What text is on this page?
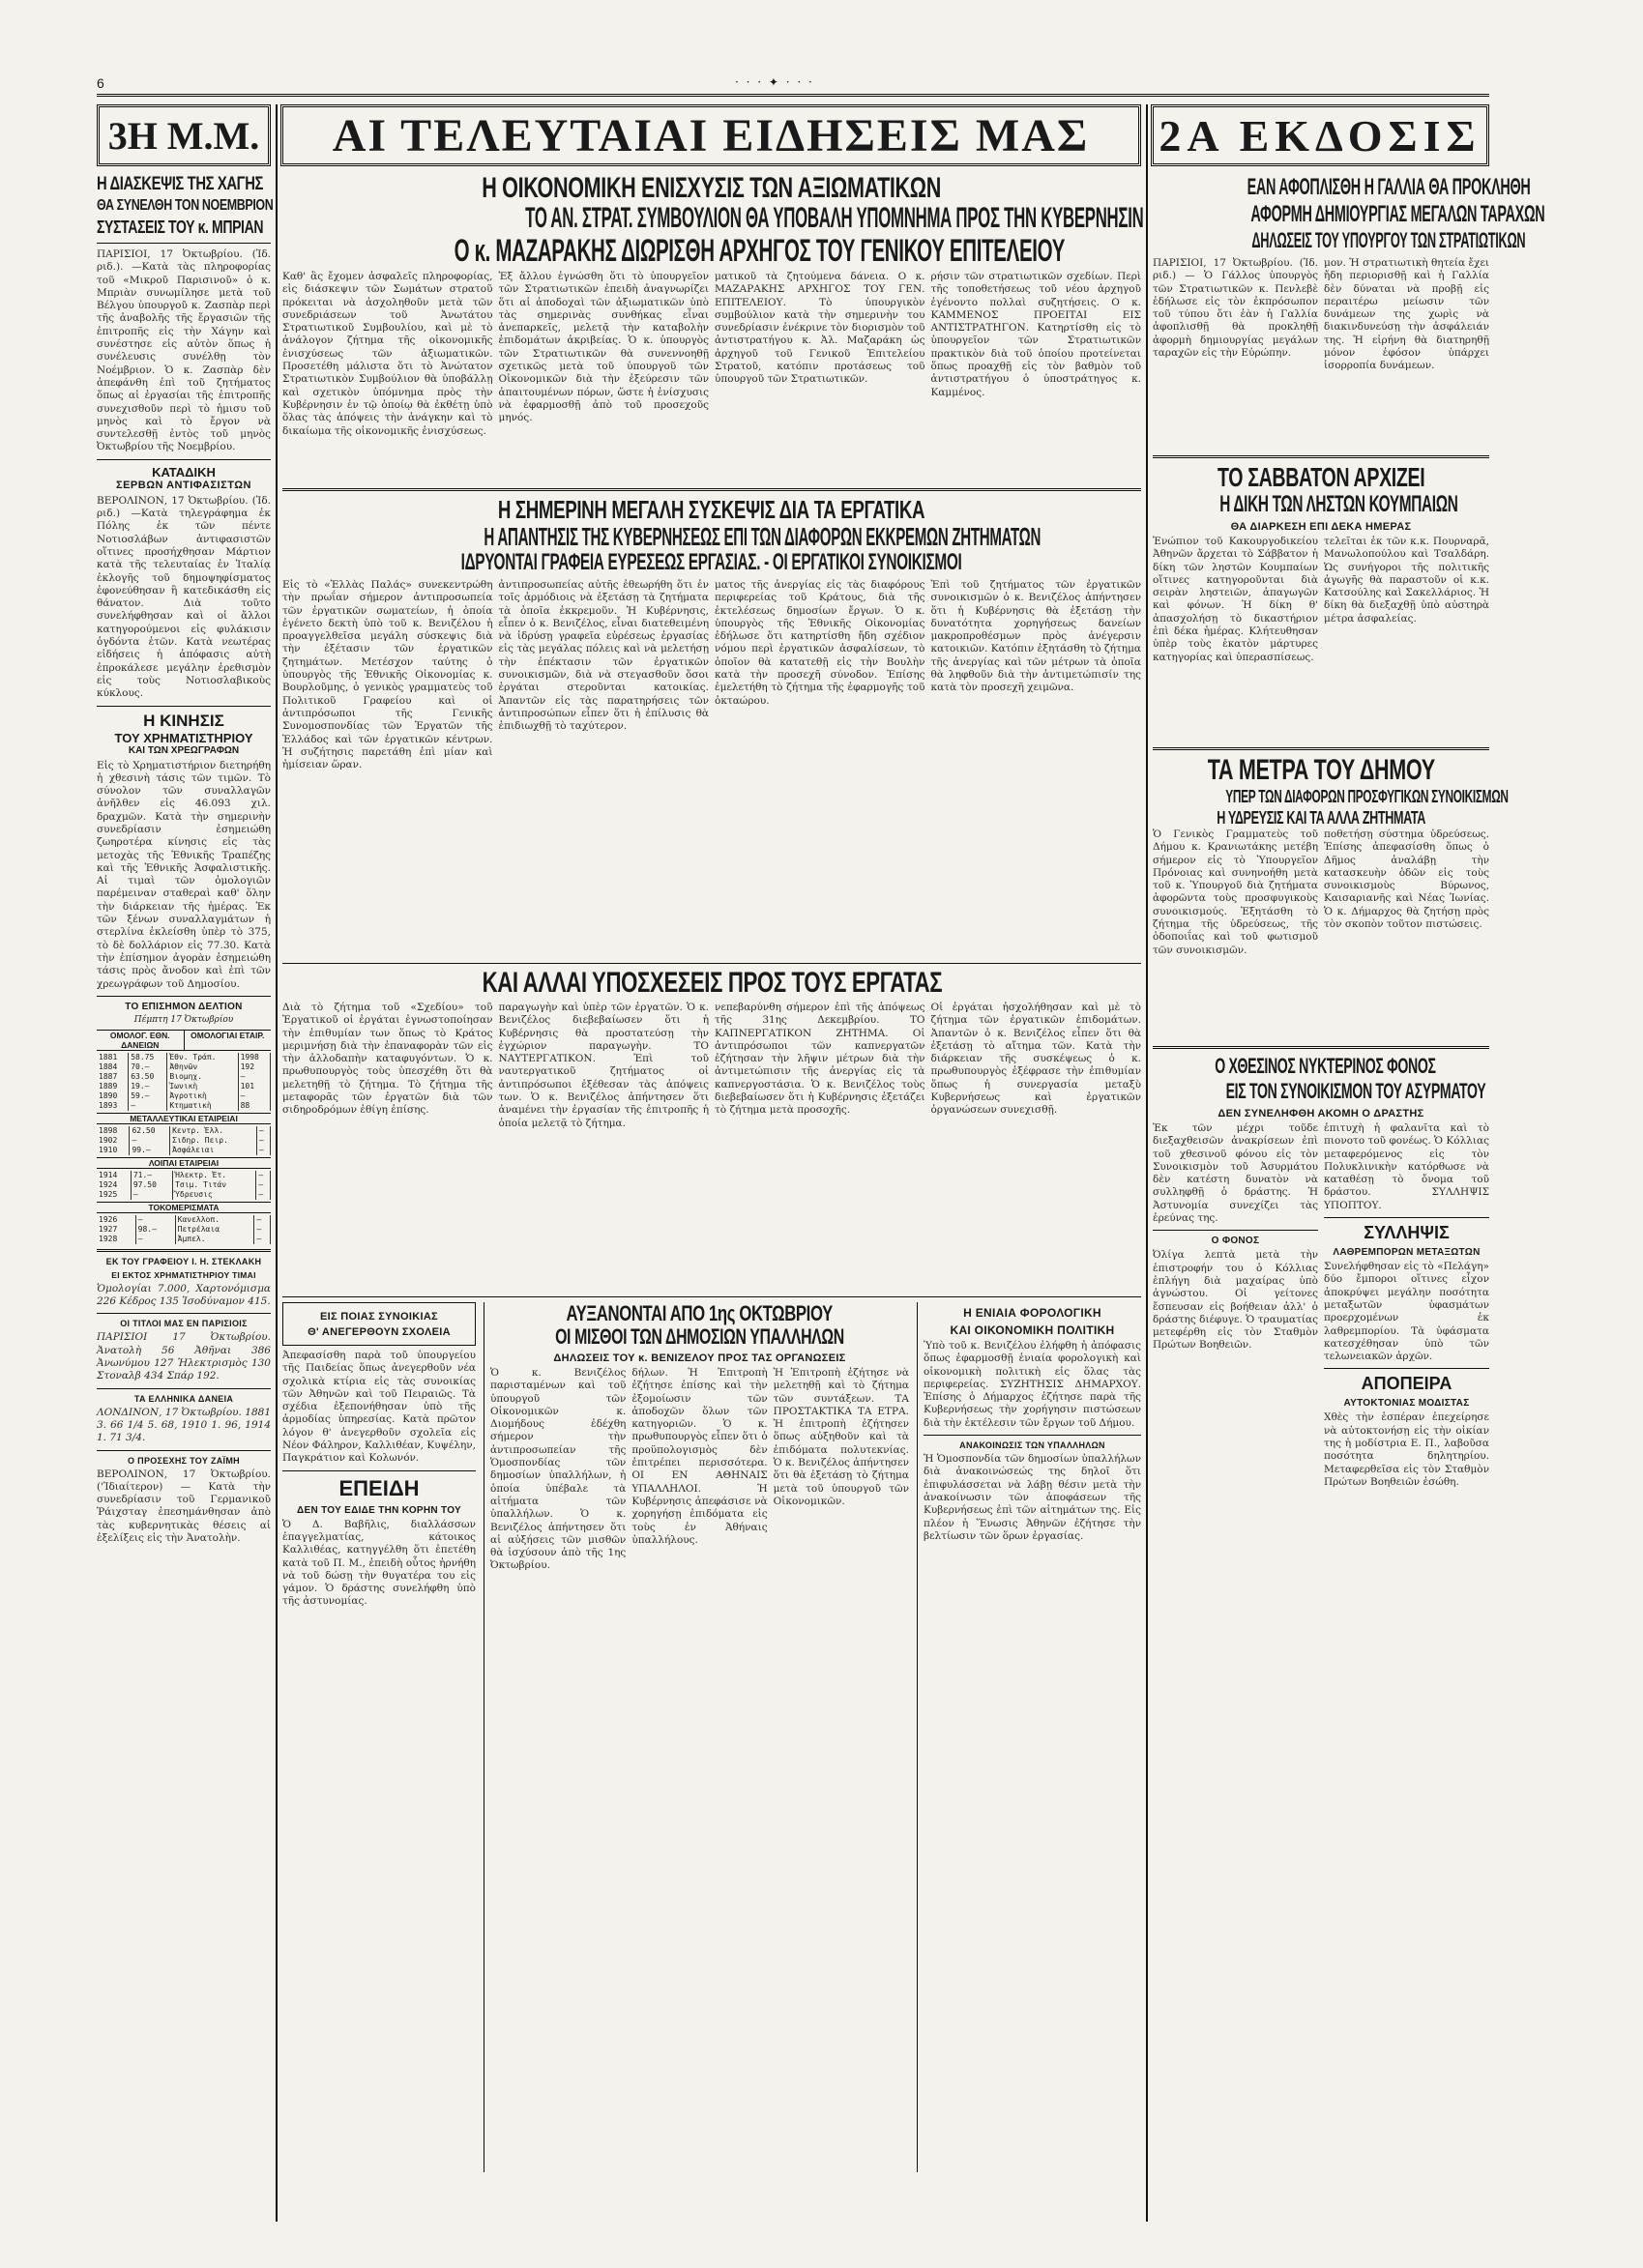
6	· · · ✦ · · ·
3Η Μ.Μ. ΑΙ ΤΕΛΕΥΤΑΙΑΙ ΕΙΔΗΣΕΙΣ ΜΑΣ 2Α ΕΚΔΟΣΙΣ
Η ΔΙΑΣΚΕΨΙΣ ΤΗΣ ΧΑΓΗΣ
ΘΑ ΣΥΝΕΛΘΗ ΤΟΝ ΝΟΕΜΒΡΙΟΝ
ΣΥΣΤΑΣΕΙΣ ΤΟΥ κ. ΜΠΡΙΑΝ

ΠΑΡΙΣΙΟΙ, 17 Ὀκτωβρίου. (Ἰδ. ριδ.). —Κατὰ τὰς πληροφορίας τοῦ «Μικροῦ Παρισινοῦ» ὁ κ. Μπριὰν συνωμίλησε μετὰ τοῦ Βέλγου ὑπουργοῦ κ. Ζασπὰρ περὶ τῆς ἀναβολῆς τῆς ἔργασιῶν τῆς ἐπιτροπῆς εἰς τὴν Χάγην καὶ συνέστησε εἰς αὐτὸν ὅπως ἡ συνέλευσις συνέλθῃ τὸν Νοέμβριον. Ὁ κ. Ζασπὰρ δὲν ἀπεφάνθη ἐπὶ τοῦ ζητήματος ὅπως αἱ ἐργασίαι τῆς ἐπιτροπῆς συνεχισθοῦν περὶ τὸ ἡμισυ τοῦ μηνὸς καὶ τὸ ἔργον νὰ συντελεσθῇ ἐντὸς τοῦ μηνὸς Ὀκτωβρίου τῆς Νοεμβρίου.

ΚΑΤΑΔΙΚΗ
ΣΕΡΒΩΝ ΑΝΤΙΦΑΣΙΣΤΩΝ

ΒΕΡΟΛΙΝΟΝ, 17 Ὀκτωβρίου. (Ἰδ. ριδ.) —Κατὰ τηλεγράφημα ἐκ Πόλης ἐκ τῶν πέντε Νοτιοσλάβων ἀντιφασιστῶν οἵτινες προσήχθησαν Μάρτιον κατὰ τῆς τελευταίας ἐν Ἰταλίᾳ ἐκλογῆς τοῦ δημοψηφίσματος ἐφονεύθησαν ἢ κατεδικάσθη εἰς θάνατον. Διὰ τοῦτο συνελήφθησαν καὶ οἱ ἄλλοι κατηγορούμενοι εἰς φυλάκισιν ὀγδόντα ἐτῶν. Κατὰ νεωτέρας εἰδήσεις ἡ ἀπόφασις αὐτὴ ἐπροκάλεσε μεγάλην ἐρεθισμὸν εἰς τοὺς Νοτιοσλαβικοὺς κύκλους.

Η ΚΙΝΗΣΙΣ
ΤΟΥ ΧΡΗΜΑΤΙΣΤΗΡΙΟΥ
ΚΑΙ ΤΩΝ ΧΡΕΩΓΡΑΦΩΝ

Εἰς τὸ Χρηματιστήριον διετηρήθη ἡ χθεσινὴ τάσις τῶν τιμῶν. Τὸ σύνολον τῶν συναλλαγῶν ἀνῆλθεν εἰς 46.093 χιλ. δραχμῶν. Κατὰ τὴν σημερινὴν συνεδρίασιν ἐσημειώθη ζωηροτέρα κίνησις εἰς τὰς μετοχὰς τῆς Ἐθνικῆς Τραπέζης καὶ τῆς Ἐθνικῆς Ἀσφαλιστικῆς. Αἱ τιμαὶ τῶν ὁμολογιῶν παρέμειναν σταθεραὶ καθ' ὅλην τὴν διάρκειαν τῆς ἡμέρας. Ἐκ τῶν ξένων συναλλαγμάτων ἡ στερλίνα ἐκλείσθη ὑπὲρ τὸ 375, τὸ δὲ δολλάριον εἰς 77.30. Κατὰ τὴν ἐπίσημον ἀγορὰν ἐσημειώθη τάσις πρὸς ἄνοδον καὶ ἐπὶ τῶν χρεωγράφων τοῦ Δημοσίου.

ΤΟ ΕΠΙΣΗΜΟΝ ΔΕΛΤΙΟΝ
Πέμπτη 17 Ὀκτωβρίου
ΟΜΟΛΟΓ. ΕΘΝ. ΔΑΝΕΙΩΝ
ΟΜΟΛΟΓΙΑΙ ΕΤΑΙΡ.
1881	58.75	Ἐθν. Τράπ.	1998
1884	70.—	Ἀθηνῶν	192
1887	63.50	Βιομηχ.	—
1889	19.—	Ἰωνικὴ	101
1890	59.—	Ἀγροτικὴ	—
1893	—	Κτηματικὴ	88
ΜΕΤΑΛΛΕΥΤΙΚΑΙ ΕΤΑΙΡΕΙΑΙ
1898	62.50	Κεντρ. Ἑλλ.	—
1902	—	Σιδηρ. Πειρ.	—
1910	99.—	Ἀσφάλειαι	—
ΛΟΙΠΑΙ ΕΤΑΙΡΕΙΑΙ
1914	71.—	Ἡλεκτρ. Ἐτ.	—
1924	97.50	Τσιμ. Τιτάν	—
1925	—	Ὕδρευσις	—
ΤΟΚΟΜΕΡΙΣΜΑΤΑ
1926	—	Κανελλοπ.	—
1927	98.—	Πετρέλαια	—
1928	—	Ἀμπελ.	—
ΕΚ ΤΟΥ ΓΡΑΦΕΙΟΥ Ι. Η. ΣΤΕΚΛΑΚΗ
ΕΙ ΕΚΤΟΣ ΧΡΗΜΑΤΙΣΤΗΡΙΟΥ ΤΙΜΑΙ

Ὁμολογίαι 7.000, Χαρτονόμισμα 226 Κέδρος 135 Ἰσοδύναμον 415.

ΟΙ ΤΙΤΛΟΙ ΜΑΣ ΕΝ ΠΑΡΙΣΙΟΙΣ

ΠΑΡΙΣΙΟΙ 17 Ὀκτωβρίου. Ἀνατολὴ 56 Ἀθῆναι 386 Ἀνωνύμου 127 Ἠλεκτρισμὸς 130 Στοναλβ 434 Σπάρ 192.

ΤΑ ΕΛΛΗΝΙΚΑ ΔΑΝΕΙΑ

ΛΟΝΔΙΝΟΝ, 17 Ὀκτωβρίου. 1881 3. 66 1/4 5. 68, 1910 1. 96, 1914 1. 71 3/4.

Ο ΠΡΟΣΕΧΗΣ ΤΟΥ ΖΑΪΜΗ

ΒΕΡΟΛΙΝΟΝ, 17 Ὀκτωβρίου. ('Ἰδιαίτερον) — Κατὰ τὴν συνεδρίασιν τοῦ Γερμανικοῦ Ῥάιχσταγ ἐπεσημάνθησαν ἀπὸ τὰς κυβερνητικὰς θέσεις αἱ ἐξελίξεις εἰς τὴν Ἀνατολὴν.

Η ΟΙΚΟΝΟΜΙΚΗ ΕΝΙΣΧΥΣΙΣ ΤΩΝ ΑΞΙΩΜΑΤΙΚΩΝ
ΤΟ ΑΝ. ΣΤΡΑΤ. ΣΥΜΒΟΥΛΙΟΝ ΘΑ ΥΠΟΒΑΛΗ ΥΠΟΜΝΗΜΑ ΠΡΟΣ ΤΗΝ ΚΥΒΕΡΝΗΣΙΝ
Ο κ. ΜΑΖΑΡΑΚΗΣ ΔΙΩΡΙΣΘΗ ΑΡΧΗΓΟΣ ΤΟΥ ΓΕΝΙΚΟΥ ΕΠΙΤΕΛΕΙΟΥ

Καθ' ἃς ἔχομεν ἀσφαλεῖς πληροφορίας, εἰς διάσκεψιν τῶν Σωμάτων στρατοῦ πρόκειται νὰ ἀσχοληθοῦν μετὰ τῶν συνεδριάσεων τοῦ Ἀνωτάτου Στρατιωτικοῦ Συμβουλίου, καὶ μὲ τὸ ἀνάλογον ζήτημα τῆς οἰκονομικῆς ἐνισχύσεως τῶν ἀξιωματικῶν. Προσετέθη μάλιστα ὅτι τὸ Ἀνώτατον Στρατιωτικὸν Συμβούλιον θὰ ὑποβάλλῃ καὶ σχετικὸν ὑπόμνημα πρὸς τὴν Κυβέρνησιν ἐν τῷ ὁποίῳ θὰ ἐκθέτῃ ὑπὸ ὅλας τὰς ἀπόψεις τὴν ἀνάγκην καὶ τὸ δικαίωμα τῆς οἰκονομικῆς ἐνισχύσεως.

Ἐξ ἄλλου ἐγνώσθη ὅτι τὸ ὑπουργεῖον τῶν Στρατιωτικῶν ἐπειδὴ ἀναγνωρίζει ὅτι αἱ ἀποδοχαὶ τῶν ἀξιωματικῶν ὑπὸ τὰς σημερινὰς συνθήκας εἶναι ἀνεπαρκεῖς, μελετᾷ τὴν καταβολὴν ἐπιδομάτων ἀκριβείας. Ὁ κ. ὑπουργὸς τῶν Στρατιωτικῶν θὰ συνεννοηθῇ σχετικῶς μετὰ τοῦ ὑπουργοῦ τῶν Οἰκονομικῶν διὰ τὴν ἐξεύρεσιν τῶν ἀπαιτουμένων πόρων, ὥστε ἡ ἐνίσχυσις νὰ ἐφαρμοσθῇ ἀπὸ τοῦ προσεχοῦς μηνός.

ματικοῦ τὰ ζητούμενα δάνεια. Ο κ. ΜΑΖΑΡΑΚΗΣ ΑΡΧΗΓΟΣ ΤΟΥ ΓΕΝ. ΕΠΙΤΕΛΕΙΟΥ. Τὸ ὑπουργικὸν συμβούλιον κατὰ τὴν σημερινὴν του συνεδρίασιν ἐνέκρινε τὸν διορισμὸν τοῦ ἀντιστρατήγου κ. Ἀλ. Μαζαράκη ὡς ἀρχηγοῦ τοῦ Γενικοῦ Ἐπιτελείου Στρατοῦ, κατόπιν προτάσεως τοῦ ὑπουργοῦ τῶν Στρατιωτικῶν.

ρήσιν τῶν στρατιωτικῶν σχεδίων. Περὶ τῆς τοποθετήσεως τοῦ νέου ἀρχηγοῦ ἐγένοντο πολλαὶ συζητήσεις. Ο κ. ΚΑΜΜΕΝΟΣ ΠΡΟΕΙΤΑΙ ΕΙΣ ΑΝΤΙΣΤΡΑΤΗΓΟΝ. Κατηρτίσθη εἰς τὸ ὑπουργεῖον τῶν Στρατιωτικῶν πρακτικὸν διὰ τοῦ ὁποίου προτείνεται ὅπως προαχθῇ εἰς τὸν βαθμὸν τοῦ ἀντιστρατήγου ὁ ὑποστράτηγος κ. Καμμένος.

Η ΣΗΜΕΡΙΝΗ ΜΕΓΑΛΗ ΣΥΣΚΕΨΙΣ ΔΙΑ ΤΑ ΕΡΓΑΤΙΚΑ
Η ΑΠΑΝΤΗΣΙΣ ΤΗΣ ΚΥΒΕΡΝΗΣΕΩΣ ΕΠΙ ΤΩΝ ΔΙΑΦΟΡΩΝ ΕΚΚΡΕΜΩΝ ΖΗΤΗΜΑΤΩΝ
ΙΔΡΥΟΝΤΑΙ ΓΡΑΦΕΙΑ ΕΥΡΕΣΕΩΣ ΕΡΓΑΣΙΑΣ. - ΟΙ ΕΡΓΑΤΙΚΟΙ ΣΥΝΟΙΚΙΣΜΟΙ

Εἰς τὸ «Ἑλλὰς Παλάς» συνεκεντρώθη τὴν πρωΐαν σήμερον ἀντιπροσωπεία τῶν ἐργατικῶν σωματείων, ἡ ὁποία ἐγένετο δεκτὴ ὑπὸ τοῦ κ. Βενιζέλου ἡ προαγγελθεῖσα μεγάλη σύσκεψις διὰ τὴν ἐξέτασιν τῶν ἐργατικῶν ζητημάτων. Μετέσχον ταύτης ὁ ὑπουργὸς τῆς Ἐθνικῆς Οἰκονομίας κ. Βουρλοῦμης, ὁ γενικὸς γραμματεὺς τοῦ Πολιτικοῦ Γραφείου καὶ οἱ ἀντιπρόσωποι τῆς Γενικῆς Συνομοσπονδίας τῶν Ἐργατῶν τῆς Ἑλλάδος καὶ τῶν ἐργατικῶν κέντρων. Ἡ συζήτησις παρετάθη ἐπὶ μίαν καὶ ἡμίσειαν ὥραν.

ἀντιπροσωπείας αὐτῆς ἐθεωρήθη ὅτι ἐν τοῖς ἀρμόδιοις νὰ ἐξετάσῃ τὰ ζητήματα τὰ ὁποῖα ἐκκρεμοῦν. Ἡ Κυβέρνησις, εἶπεν ὁ κ. Βενιζέλος, εἶναι διατεθειμένη νὰ ἱδρύσῃ γραφεῖα εὑρέσεως ἐργασίας εἰς τὰς μεγάλας πόλεις καὶ νὰ μελετήσῃ τὴν ἐπέκτασιν τῶν ἐργατικῶν συνοικισμῶν, διὰ νὰ στεγασθοῦν ὅσοι ἐργάται στεροῦνται κατοικίας. Ἀπαντῶν εἰς τὰς παρατηρήσεις τῶν ἀντιπροσώπων εἶπεν ὅτι ἡ ἐπίλυσις θὰ ἐπιδιωχθῇ τὸ ταχύτερον.

ματος τῆς ἀνεργίας εἰς τὰς διαφόρους περιφερείας τοῦ Κράτους, διὰ τῆς ἐκτελέσεως δημοσίων ἔργων. Ὁ κ. ὑπουργὸς τῆς Ἐθνικῆς Οἰκονομίας ἐδήλωσε ὅτι κατηρτίσθη ἤδη σχέδιον νόμου περὶ ἐργατικῶν ἀσφαλίσεων, τὸ ὁποῖον θὰ κατατεθῇ εἰς τὴν Βουλὴν κατὰ τὴν προσεχῆ σύνοδον. Ἐπίσης ἐμελετήθη τὸ ζήτημα τῆς ἐφαρμογῆς τοῦ ὀκταώρου.

Ἐπὶ τοῦ ζητήματος τῶν ἐργατικῶν συνοικισμῶν ὁ κ. Βενιζέλος ἀπήντησεν ὅτι ἡ Κυβέρνησις θὰ ἐξετάσῃ τὴν δυνατότητα χορηγήσεως δανείων μακροπροθέσμων πρὸς ἀνέγερσιν κατοικιῶν. Κατόπιν ἐξητάσθη τὸ ζήτημα τῆς ἀνεργίας καὶ τῶν μέτρων τὰ ὁποῖα θὰ ληφθοῦν διὰ τὴν ἀντιμετώπισίν της κατὰ τὸν προσεχῆ χειμῶνα.

ΚΑΙ ΑΛΛΑΙ ΥΠΟΣΧΕΣΕΙΣ ΠΡΟΣ ΤΟΥΣ ΕΡΓΑΤΑΣ

Διὰ τὸ ζήτημα τοῦ «Σχεδίου» τοῦ Ἐργατικοῦ οἱ ἐργάται ἐγνωστοποίησαν τὴν ἐπιθυμίαν των ὅπως τὸ Κράτος μεριμνήσῃ διὰ τὴν ἐπαναφορὰν τῶν εἰς τὴν ἀλλοδαπὴν καταφυγόντων. Ὁ κ. πρωθυπουργὸς τοὺς ὑπεσχέθη ὅτι θὰ μελετηθῇ τὸ ζήτημα. Τὸ ζήτημα τῆς μεταφορᾶς τῶν ἐργατῶν διὰ τῶν σιδηροδρόμων ἐθίγη ἐπίσης.

παραγωγὴν καὶ ὑπὲρ τῶν ἐργατῶν. Ὁ κ. Βενιζέλος διεβεβαίωσεν ὅτι ἡ Κυβέρνησις θὰ προστατεύσῃ τὴν ἐγχώριον παραγωγὴν. ΤΟ ΝΑΥΤΕΡΓΑΤΙΚΟΝ. Ἐπὶ τοῦ ναυτεργατικοῦ ζητήματος οἱ ἀντιπρόσωποι ἐξέθεσαν τὰς ἀπόψεις των. Ὁ κ. Βενιζέλος ἀπήντησεν ὅτι ἀναμένει τὴν ἐργασίαν τῆς ἐπιτροπῆς ἡ ὁποία μελετᾷ τὸ ζήτημα.

νεπεβαρύνθη σήμερον ἐπὶ τῆς ἀπόψεως τῆς 31ης Δεκεμβρίου. ΤΟ ΚΑΠΝΕΡΓΑΤΙΚΟΝ ΖΗΤΗΜΑ. Οἱ ἀντιπρόσωποι τῶν καπνεργατῶν ἐζήτησαν τὴν λῆψιν μέτρων διὰ τὴν ἀντιμετώπισιν τῆς ἀνεργίας εἰς τὰ καπνεργοστάσια. Ὁ κ. Βενιζέλος τοὺς διεβεβαίωσεν ὅτι ἡ Κυβέρνησις ἐξετάζει τὸ ζήτημα μετὰ προσοχῆς.

Οἱ ἐργάται ἠσχολήθησαν καὶ μὲ τὸ ζήτημα τῶν ἐργατικῶν ἐπιδομάτων. Ἀπαντῶν ὁ κ. Βενιζέλος εἶπεν ὅτι θὰ ἐξετάσῃ τὸ αἴτημα τῶν. Κατὰ τὴν διάρκειαν τῆς συσκέψεως ὁ κ. πρωθυπουργὸς ἐξέφρασε τὴν ἐπιθυμίαν ὅπως ἡ συνεργασία μεταξὺ Κυβερνήσεως καὶ ἐργατικῶν ὀργανώσεων συνεχισθῇ.

ΕΙΣ ΠΟΙΑΣ ΣΥΝΟΙΚΙΑΣ
Θ' ΑΝΕΓΕΡΘΟΥΝ ΣΧΟΛΕΙΑ

Ἀπεφασίσθη παρὰ τοῦ ὑπουργείου τῆς Παιδείας ὅπως ἀνεγερθοῦν νέα σχολικὰ κτίρια εἰς τὰς συνοικίας τῶν Ἀθηνῶν καὶ τοῦ Πειραιῶς. Τὰ σχέδια ἐξεπονήθησαν ὑπὸ τῆς ἀρμοδίας ὑπηρεσίας. Κατὰ πρῶτον λόγον θ' ἀνεγερθοῦν σχολεῖα εἰς Νέον Φάληρον, Καλλιθέαν, Κυψέλην, Παγκράτιον καὶ Κολωνόν.

ΕΠΕΙΔΗ
ΔΕΝ ΤΟΥ ΕΔΙΔΕ ΤΗΝ ΚΟΡΗΝ ΤΟΥ

Ὁ Δ. Βαβῆλις, διαλλάσσων ἐπαγγελματίας, κάτοικος Καλλιθέας, κατηγγέλθη ὅτι ἐπετέθη κατὰ τοῦ Π. Μ., ἐπειδὴ οὗτος ἠρνήθη νὰ τοῦ δώσῃ τὴν θυγατέρα του εἰς γάμον. Ὁ δράστης συνελήφθη ὑπὸ τῆς ἀστυνομίας.

ΑΥΞΑΝΟΝΤΑΙ ΑΠΟ 1ης ΟΚΤΩΒΡΙΟΥ
ΟΙ ΜΙΣΘΟΙ ΤΩΝ ΔΗΜΟΣΙΩΝ ΥΠΑΛΛΗΛΩΝ
ΔΗΛΩΣΕΙΣ ΤΟΥ κ. ΒΕΝΙΖΕΛΟΥ ΠΡΟΣ ΤΑΣ ΟΡΓΑΝΩΣΕΙΣ

Ὁ κ. Βενιζέλος παρισταμένων καὶ τοῦ ὑπουργοῦ τῶν Οἰκονομικῶν κ. Διομήδους ἐδέχθη σήμερον τὴν ἀντιπροσωπείαν τῆς Ὁμοσπονδίας τῶν δημοσίων ὑπαλλήλων, ἡ ὁποία ὑπέβαλε τὰ αἰτήματα τῶν ὑπαλλήλων. Ὁ κ. Βενιζέλος ἀπήντησεν ὅτι αἱ αὐξήσεις τῶν μισθῶν θὰ ἰσχύσουν ἀπὸ τῆς 1ης Ὀκτωβρίου.

δήλων. Ἡ Ἐπιτροπὴ ἐζήτησε ἐπίσης καὶ τὴν ἐξομοίωσιν τῶν ἀποδοχῶν ὅλων τῶν κατηγοριῶν. Ὁ κ. πρωθυπουργὸς εἶπεν ὅτι ὁ προϋπολογισμὸς δὲν ἐπιτρέπει περισσότερα. ΟΙ ΕΝ ΑΘΗΝΑΙΣ ΥΠΑΛΛΗΛΟΙ. Ἡ Κυβέρνησις ἀπεφάσισε νὰ χορηγήσῃ ἐπιδόματα εἰς τοὺς ἐν Ἀθήναις ὑπαλλήλους.

Ἡ Ἐπιτροπὴ ἐζήτησε νὰ μελετηθῇ καὶ τὸ ζήτημα τῶν συντάξεων. ΤΑ ΠΡΟΣΤΑΚΤΙΚΑ ΤΑ ΕΤΡΑ. Ἡ ἐπιτροπὴ ἐζήτησεν ὅπως αὐξηθοῦν καὶ τὰ ἐπιδόματα πολυτεκνίας. Ὁ κ. Βενιζέλος ἀπήντησεν ὅτι θὰ ἐξετάσῃ τὸ ζήτημα μετὰ τοῦ ὑπουργοῦ τῶν Οἰκονομικῶν.

Η ΕΝΙΑΙΑ ΦΟΡΟΛΟΓΙΚΗ
ΚΑΙ ΟΙΚΟΝΟΜΙΚΗ ΠΟΛΙΤΙΚΗ

Ὑπὸ τοῦ κ. Βενιζέλου ἐλήφθη ἡ ἀπόφασις ὅπως ἐφαρμοσθῇ ἑνιαία φορολογικὴ καὶ οἰκονομικὴ πολιτικὴ εἰς ὅλας τὰς περιφερείας. ΣΥΖΗΤΗΣΙΣ ΔΗΜΑΡΧΟΥ. Ἐπίσης ὁ Δήμαρχος ἐζήτησε παρὰ τῆς Κυβερνήσεως τὴν χορήγησιν πιστώσεων διὰ τὴν ἐκτέλεσιν τῶν ἔργων τοῦ Δήμου.

ΑΝΑΚΟΙΝΩΣΙΣ ΤΩΝ ΥΠΑΛΛΗΛΩΝ

Ἡ Ὁμοσπονδία τῶν δημοσίων ὑπαλλήλων διὰ ἀνακοινώσεώς της δηλοῖ ὅτι ἐπιφυλάσσεται νὰ λάβῃ θέσιν μετὰ τὴν ἀνακοίνωσιν τῶν ἀποφάσεων τῆς Κυβερνήσεως ἐπὶ τῶν αἰτημάτων της. Εἰς πλέον ἡ Ἕνωσις Ἀθηνῶν ἐζήτησε τὴν βελτίωσιν τῶν ὅρων ἐργασίας.

ΕΑΝ ΑΦΟΠΛΙΣΘΗ Η ΓΑΛΛΙΑ ΘΑ ΠΡΟΚΛΗΘΗ
ΑΦΟΡΜΗ ΔΗΜΙΟΥΡΓΙΑΣ ΜΕΓΑΛΩΝ ΤΑΡΑΧΩΝ
ΔΗΛΩΣΕΙΣ ΤΟΥ ΥΠΟΥΡΓΟΥ ΤΩΝ ΣΤΡΑΤΙΩΤΙΚΩΝ

ΠΑΡΙΣΙΟΙ, 17 Ὀκτωβρίου. (Ἰδ. ριδ.) — Ὁ Γάλλος ὑπουργὸς τῶν Στρατιωτικῶν κ. Πενλεβὲ ἐδήλωσε εἰς τὸν ἐκπρόσωπον τοῦ τύπου ὅτι ἐὰν ἡ Γαλλία ἀφοπλισθῇ θὰ προκληθῇ ἀφορμὴ δημιουργίας μεγάλων ταραχῶν εἰς τὴν Εὐρώπην.

μον. Ἡ στρατιωτικὴ θητεία ἔχει ἤδη περιορισθῇ καὶ ἡ Γαλλία δὲν δύναται νὰ προβῇ εἰς περαιτέρω μείωσιν τῶν δυνάμεων της χωρὶς νὰ διακινδυνεύσῃ τὴν ἀσφάλειάν της. Ἡ εἰρήνη θὰ διατηρηθῇ μόνον ἐφόσον ὑπάρχει ἰσορροπία δυνάμεων.

ΤΟ ΣΑΒΒΑΤΟΝ ΑΡΧΙΖΕΙ
Η ΔΙΚΗ ΤΩΝ ΛΗΣΤΩΝ ΚΟΥΜΠΑΙΩΝ
ΘΑ ΔΙΑΡΚΕΣΗ ΕΠΙ ΔΕΚΑ ΗΜΕΡΑΣ

Ἐνώπιον τοῦ Κακουργοδικείου Ἀθηνῶν ἄρχεται τὸ Σάββατον ἡ δίκη τῶν ληστῶν Κουμπαίων οἵτινες κατηγοροῦνται διὰ σειρὰν ληστειῶν, ἀπαγωγῶν καὶ φόνων. Ἡ δίκη θ' ἀπασχολήσῃ τὸ δικαστήριον ἐπὶ δέκα ἡμέρας. Κλήτευθησαν ὑπὲρ τοὺς ἑκατὸν μάρτυρες κατηγορίας καὶ ὑπερασπίσεως.

τελεῖται ἐκ τῶν κ.κ. Πουρναρᾶ, Μανωλοπούλου καὶ Τσαλδάρη. Ὡς συνήγοροι τῆς πολιτικῆς ἀγωγῆς θὰ παραστοῦν οἱ κ.κ. Κατσούλης καὶ Σακελλάριος. Ἡ δίκη θὰ διεξαχθῇ ὑπὸ αὐστηρὰ μέτρα ἀσφαλείας.

ΤΑ ΜΕΤΡΑ ΤΟΥ ΔΗΜΟΥ
ΥΠΕΡ ΤΩΝ ΔΙΑΦΟΡΩΝ ΠΡΟΣΦΥΓΙΚΩΝ ΣΥΝΟΙΚΙΣΜΩΝ
Η ΥΔΡΕΥΣΙΣ ΚΑΙ ΤΑ ΑΛΛΑ ΖΗΤΗΜΑΤΑ

Ὁ Γενικὸς Γραμματεὺς τοῦ Δήμου κ. Κρανιωτάκης μετέβη σήμερον εἰς τὸ Ὑπουργεῖον Πρόνοιας καὶ συνηνοήθη μετὰ τοῦ κ. Ὑπουργοῦ διὰ ζητήματα ἀφορῶντα τοὺς προσφυγικοὺς συνοικισμούς. Ἐξητάσθη τὸ ζήτημα τῆς ὑδρεύσεως, τῆς ὁδοποιΐας καὶ τοῦ φωτισμοῦ τῶν συνοικισμῶν.

ποθετήσῃ σύστημα ὑδρεύσεως. Ἐπίσης ἀπεφασίσθη ὅπως ὁ Δῆμος ἀναλάβῃ τὴν κατασκευὴν ὁδῶν εἰς τοὺς συνοικισμοὺς Βύρωνος, Καισαριανῆς καὶ Νέας Ἰωνίας. Ὁ κ. Δήμαρχος θὰ ζητήσῃ πρὸς τὸν σκοπὸν τοῦτον πιστώσεις.

Ο ΧΘΕΣΙΝΟΣ ΝΥΚΤΕΡΙΝΟΣ ΦΟΝΟΣ
ΕΙΣ ΤΟΝ ΣΥΝΟΙΚΙΣΜΟΝ ΤΟΥ ΑΣΥΡΜΑΤΟΥ
ΔΕΝ ΣΥΝΕΛΗΦΘΗ ΑΚΟΜΗ Ο ΔΡΑΣΤΗΣ

Ἐκ τῶν μέχρι τοῦδε διεξαχθεισῶν ἀνακρίσεων ἐπὶ τοῦ χθεσινοῦ φόνου εἰς τὸν Συνοικισμὸν τοῦ Ἀσυρμάτου δὲν κατέστη δυνατὸν νὰ συλληφθῇ ὁ δράστης. Ἡ Ἀστυνομία συνεχίζει τὰς ἐρεύνας της.

Ο ΦΟΝΟΣ

Ὀλίγα λεπτὰ μετὰ τὴν ἐπιστροφήν του ὁ Κόλλιας ἐπλήγη διὰ μαχαίρας ὑπὸ ἀγνώστου. Οἱ γείτονες ἔσπευσαν εἰς βοήθειαν ἀλλ' ὁ δράστης διέφυγε. Ὁ τραυματίας μετεφέρθη εἰς τὸν Σταθμὸν Πρώτων Βοηθειῶν.

ἐπιτυχὴ ἡ φαλανῖτα καὶ τὸ πιονοτο τοῦ φονέως. Ὁ Κόλλιας μεταφερόμενος εἰς τὸν Πολυκλινικὴν κατόρθωσε νὰ καταθέσῃ τὸ ὄνομα τοῦ δράστου. ΣΥΛΛΗΨΙΣ ΥΠΟΠΤΟΥ.

ΣΥΛΛΗΨΙΣ
ΛΑΘΡΕΜΠΟΡΩΝ ΜΕΤΑΞΩΤΩΝ

Συνελήφθησαν εἰς τὸ «Πελάγη» δύο ἔμποροι οἵτινες εἶχον ἀποκρύψει μεγάλην ποσότητα μεταξωτῶν ὑφασμάτων προερχομένων ἐκ λαθρεμπορίου. Τὰ ὑφάσματα κατεσχέθησαν ὑπὸ τῶν τελωνειακῶν ἀρχῶν.

ΑΠΟΠΕΙΡΑ
ΑΥΤΟΚΤΟΝΙΑΣ ΜΟΔΙΣΤΑΣ

Χθὲς τὴν ἑσπέραν ἐπεχείρησε νὰ αὐτοκτονήσῃ εἰς τὴν οἰκίαν της ἡ μοδίστρια Ε. Π., λαβοῦσα ποσότητα δηλητηρίου. Μεταφερθεῖσα εἰς τὸν Σταθμὸν Πρώτων Βοηθειῶν ἐσώθη.
